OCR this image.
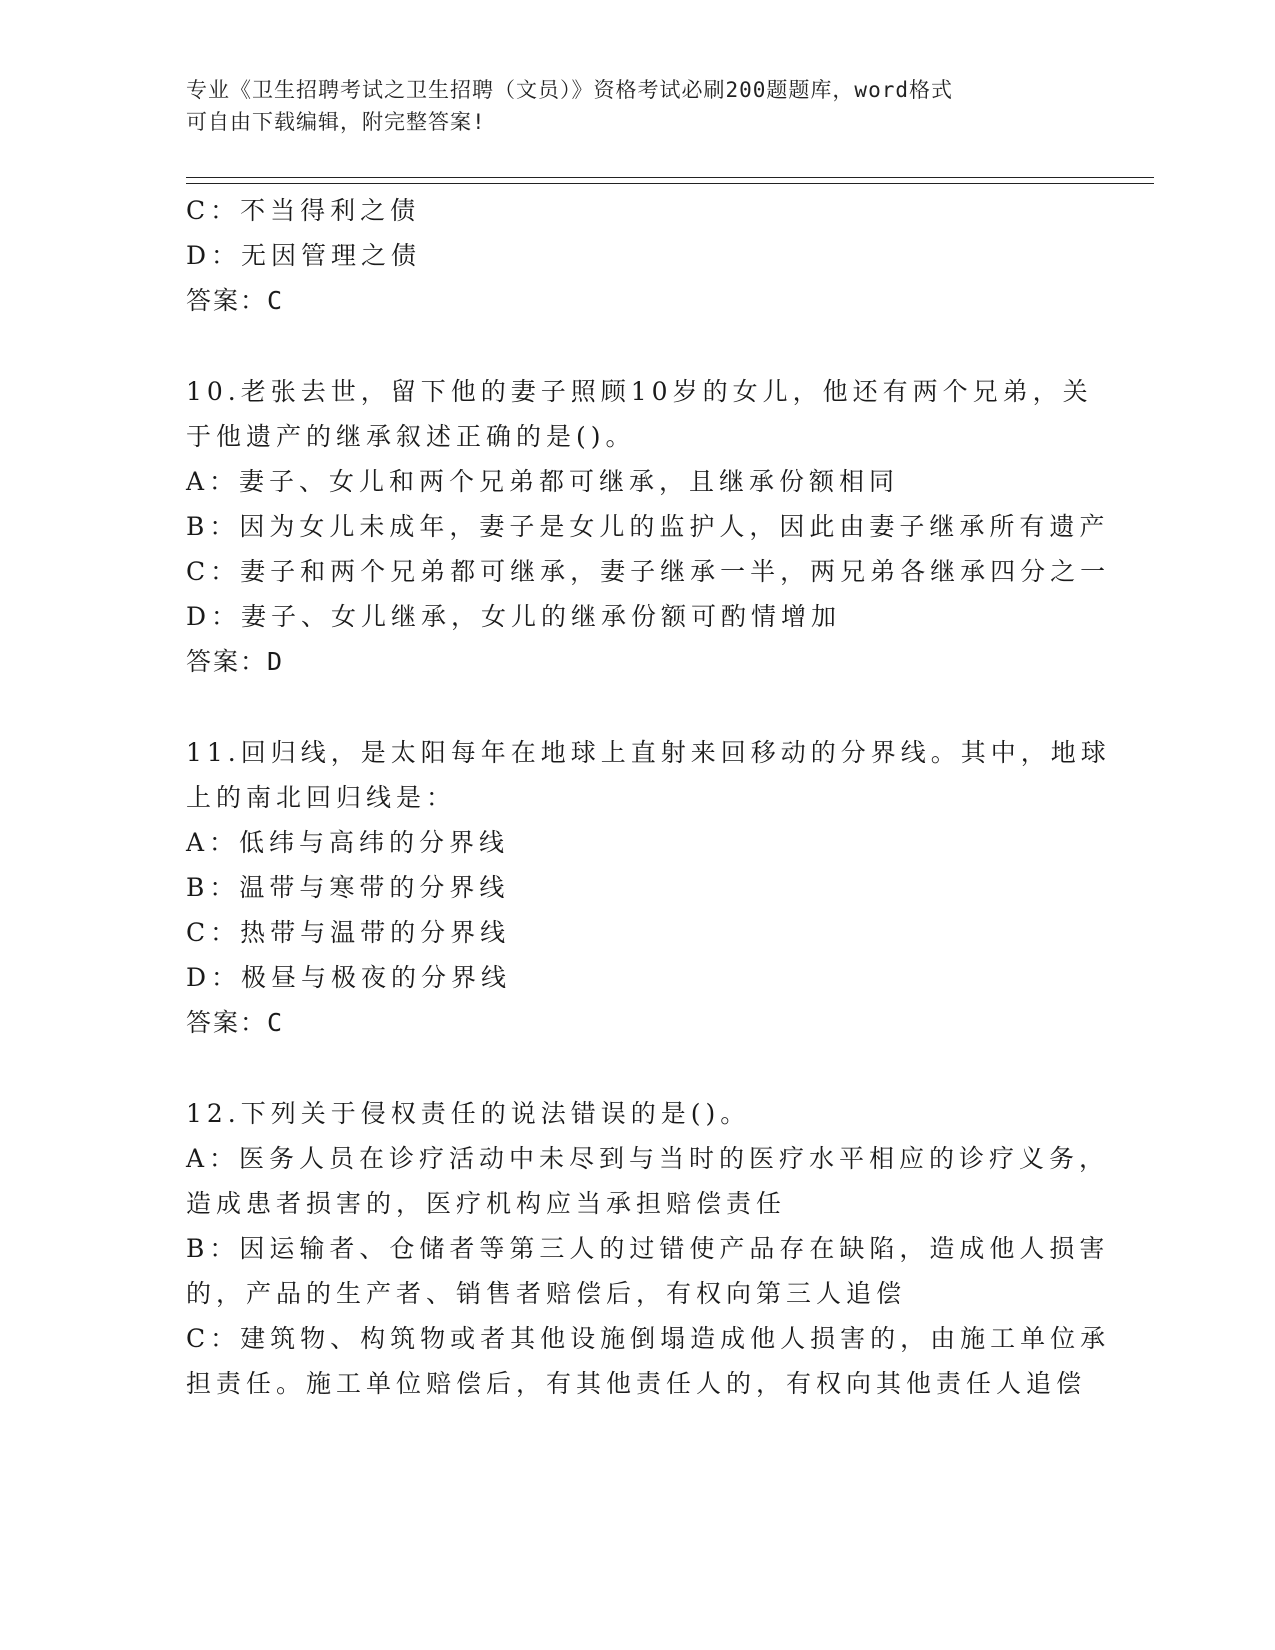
专业《卫生招聘考试之卫生招聘（文员）》资格考试必刷200题题库，word格式
可自由下载编辑，附完整答案!
C：不当得利之债
D：无因管理之债
答案：C
10.老张去世，留下他的妻子照顾10岁的女儿，他还有两个兄弟，关
于他遗产的继承叙述正确的是()。
A：妻子、女儿和两个兄弟都可继承，且继承份额相同
B：因为女儿未成年，妻子是女儿的监护人，因此由妻子继承所有遗产
C：妻子和两个兄弟都可继承，妻子继承一半，两兄弟各继承四分之一
D：妻子、女儿继承，女儿的继承份额可酌情增加
答案：D
11.回归线，是太阳每年在地球上直射来回移动的分界线。其中，地球
上的南北回归线是：
A：低纬与高纬的分界线
B：温带与寒带的分界线
C：热带与温带的分界线
D：极昼与极夜的分界线
答案：C
12.下列关于侵权责任的说法错误的是()。
A：医务人员在诊疗活动中未尽到与当时的医疗水平相应的诊疗义务，
造成患者损害的，医疗机构应当承担赔偿责任
B：因运输者、仓储者等第三人的过错使产品存在缺陷，造成他人损害
的，产品的生产者、销售者赔偿后，有权向第三人追偿
C：建筑物、构筑物或者其他设施倒塌造成他人损害的，由施工单位承
担责任。施工单位赔偿后，有其他责任人的，有权向其他责任人追偿
